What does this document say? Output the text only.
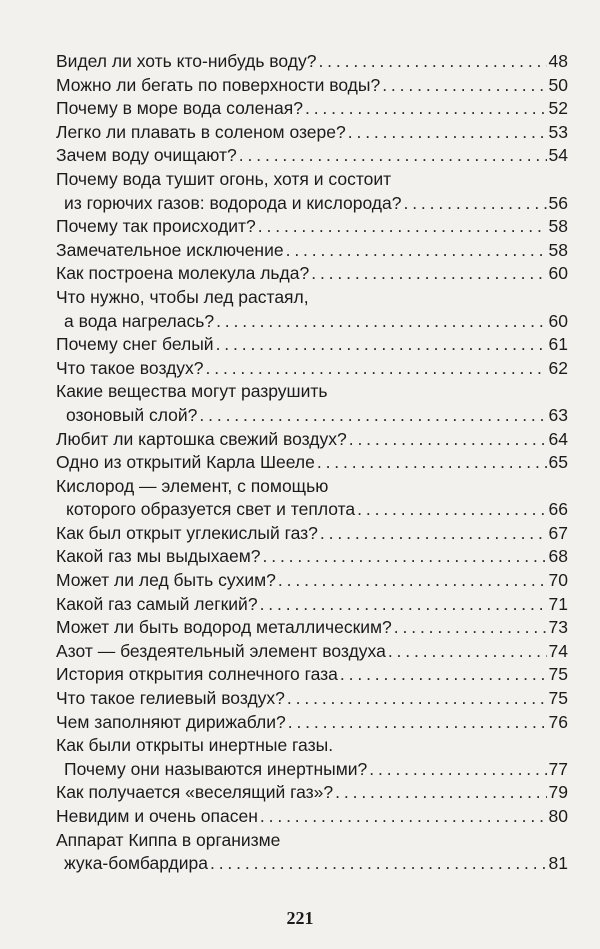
Видел ли хоть кто-нибудь воду? . . .	48
Можно ли бегать по поверхности воды? . . .	50
Почему в море вода соленая? . . .	52
Легко ли плавать в соленом озере? . . .	53
Зачем воду очищают? . . .	54
Почему вода тушит огонь, хотя и состоит
из горючих газов: водорода и кислорода? . . .	56
Почему так происходит? . . .	58
Замечательное исключение . . .	58
Как построена молекула льда? . . .	60
Что нужно, чтобы лед растаял,
а вода нагрелась? . . .	60
Почему снег белый . . .	61
Что такое воздух? . . .	62
Какие вещества могут разрушить
озоновый слой? . . .	63
Любит ли картошка свежий воздух? . . .	64
Одно из открытий Карла Шееле . . .	65
Кислород — элемент, с помощью
которого образуется свет и теплота . . .	66
Как был открыт углекислый газ? . . .	67
Какой газ мы выдыхаем? . . .	68
Может ли лед быть сухим? . . .	70
Какой газ самый легкий? . . .	71
Может ли быть водород металлическим? . . .	73
Азот — бездеятельный элемент воздуха . . .	74
История открытия солнечного газа . . .	75
Что такое гелиевый воздух? . . .	75
Чем заполняют дирижабли? . . .	76
Как были открыты инертные газы.
Почему они называются инертными? . . .	77
Как получается «веселящий газ»? . . .	79
Невидим и очень опасен . . .	80
Аппарат Киппа в организме
жука-бомбардира . . .	81
221
